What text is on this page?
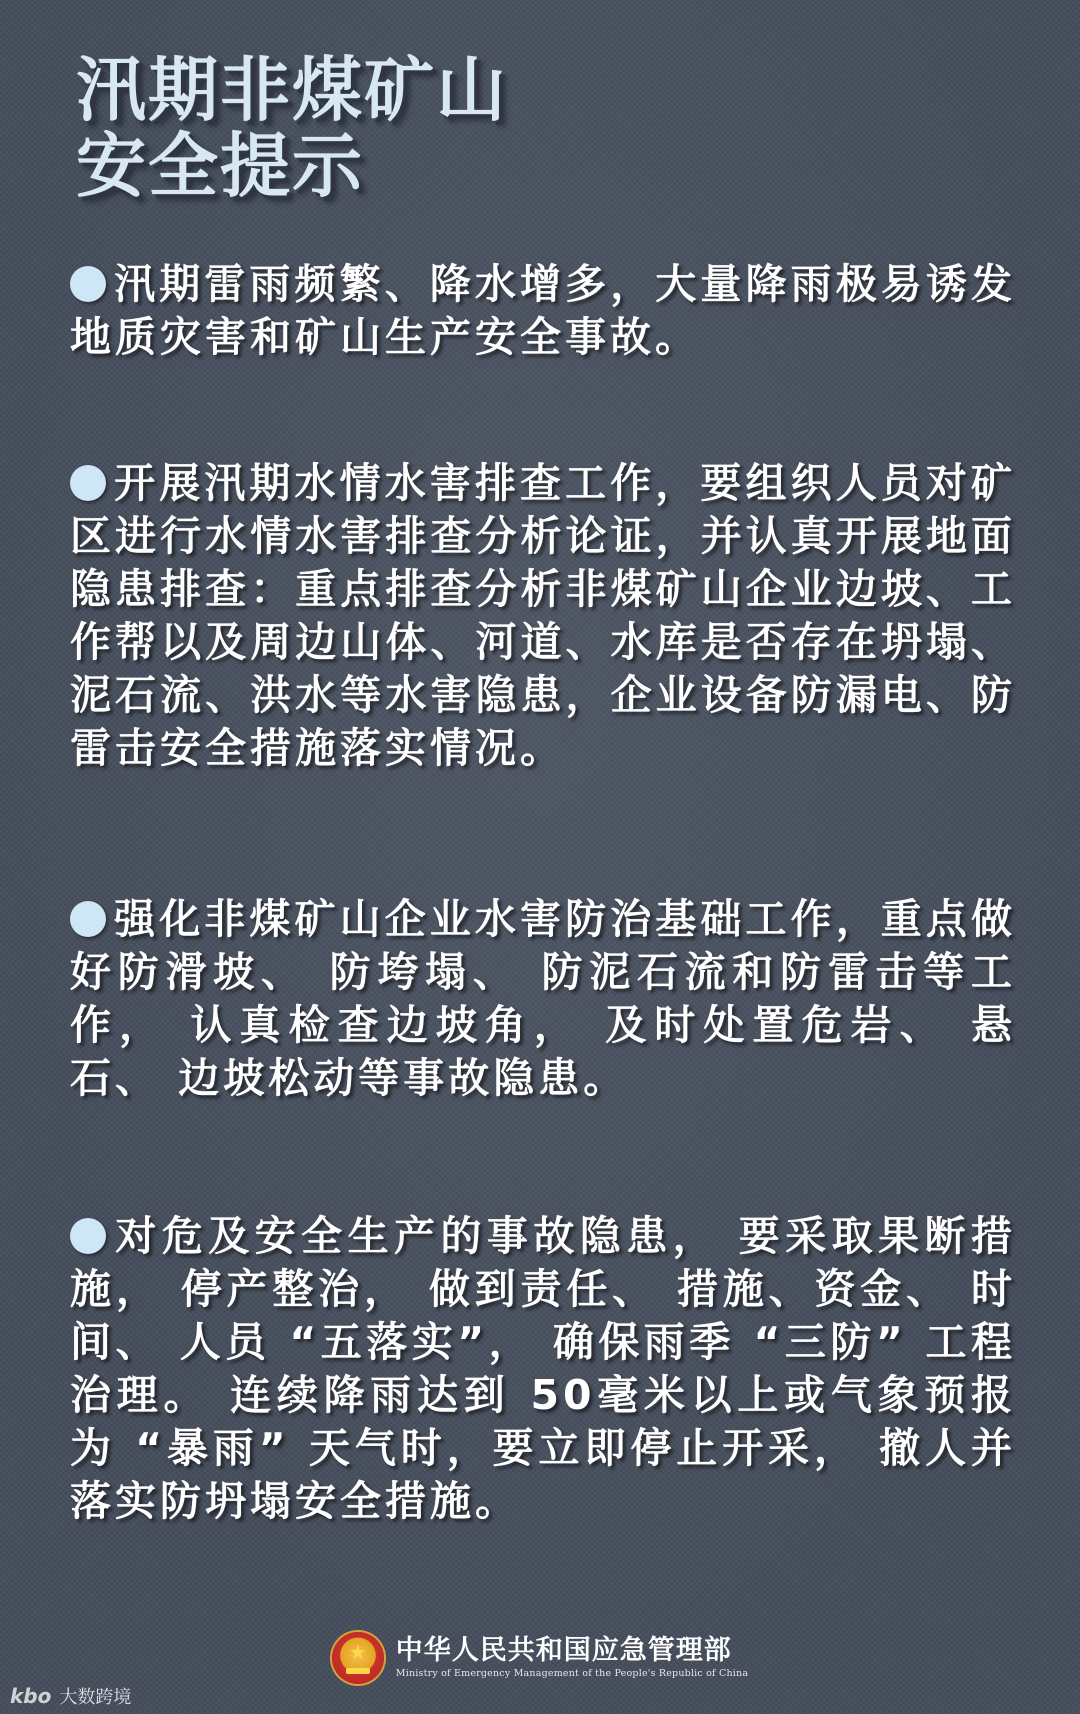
汛期非煤矿山
安全提示
汛期雷雨频繁、降水增多，大量降雨极易诱发地质灾害和矿山生产安全事故。
开展汛期水情水害排查工作，要组织人员对矿区进行水情水害排查分析论证，并认真开展地面隐患排查：重点排查分析非煤矿山企业边坡、工作帮以及周边山体、河道、水库是否存在坍塌、泥石流、洪水等水害隐患，企业设备防漏电、防雷击安全措施落实情况。
强化非煤矿山企业水害防治基础工作，重点做好防滑坡、 防垮塌、 防泥石流和防雷击等工作， 认真检查边坡角， 及时处置危岩、 悬石、 边坡松动等事故隐患。
对危及安全生产的事故隐患， 要采取果断措施， 停产整治， 做到责任、 措施、资金、 时间、 人员 “五落实”， 确保雨季 “三防” 工程治理。 连续降雨达到 50毫米以上或气象预报为 “暴雨” 天气时，要立即停止开采， 撤人并落实防坍塌安全措施。
★	中华人民共和国应急管理部
Ministry of Emergency Management of the People's Republic of China
kbo 大数跨境
